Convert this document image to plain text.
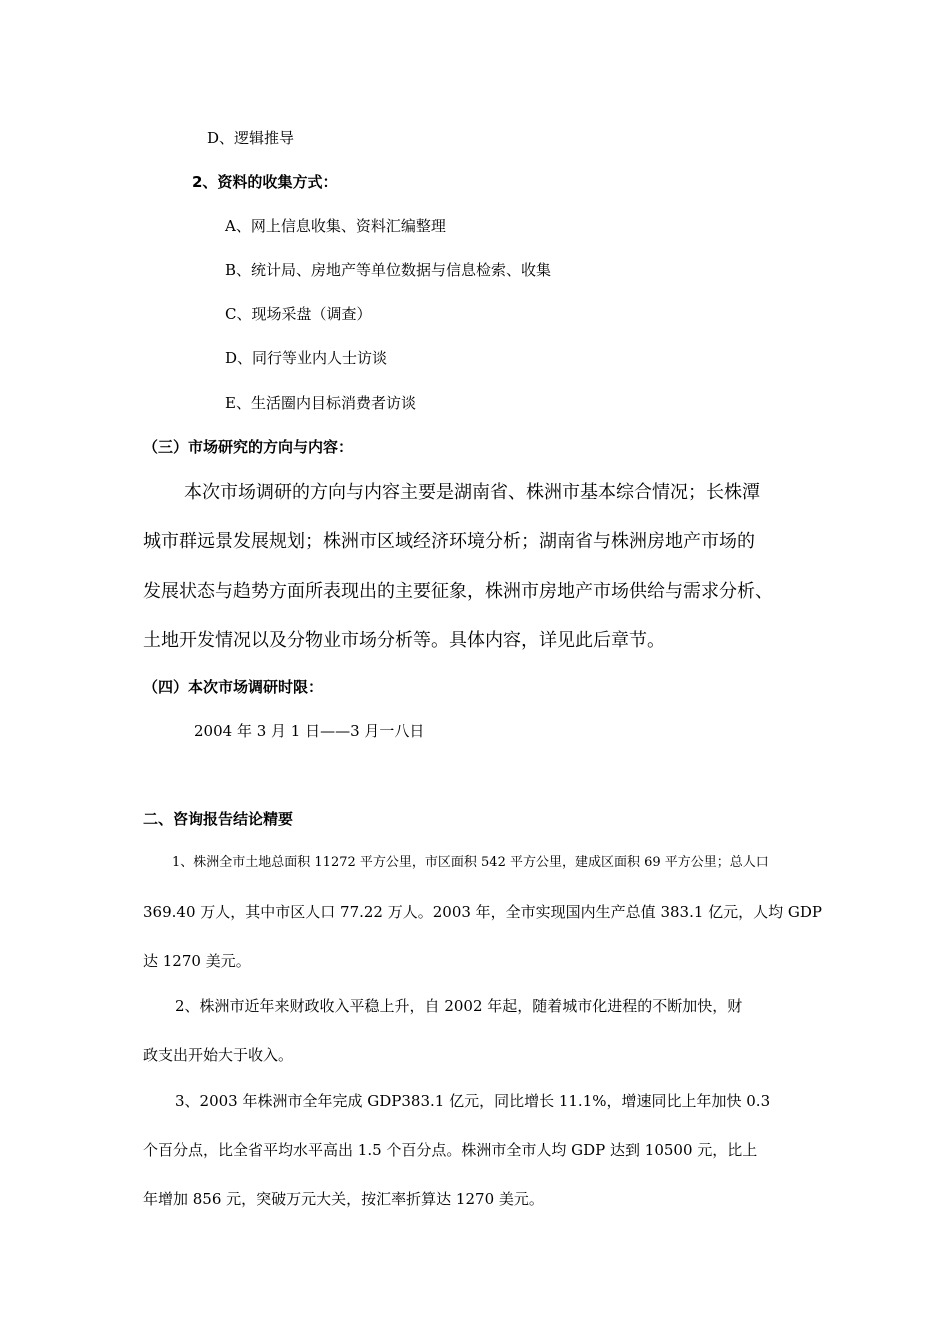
D、逻辑推导
2、资料的收集方式：
A、网上信息收集、资料汇编整理
B、统计局、房地产等单位数据与信息检索、收集
C、现场采盘（调查）
D、同行等业内人士访谈
E、生活圈内目标消费者访谈
（三）市场研究的方向与内容：
本次市场调研的方向与内容主要是湖南省、株洲市基本综合情况；长株潭
城市群远景发展规划；株洲市区域经济环境分析；湖南省与株洲房地产市场的
发展状态与趋势方面所表现出的主要征象，株洲市房地产市场供给与需求分析、
土地开发情况以及分物业市场分析等。具体内容，详见此后章节。
（四）本次市场调研时限：
2004 年 3 月 1 日——3 月一八日
二、咨询报告结论精要
1、株洲全市土地总面积 11272 平方公里，市区面积 542 平方公里，建成区面积 69 平方公里；总人口
369.40 万人，其中市区人口 77.22 万人。2003 年，全市实现国内生产总值 383.1 亿元，人均 GDP
达 1270 美元。
2、株洲市近年来财政收入平稳上升，自 2002 年起，随着城市化进程的不断加快，财
政支出开始大于收入。
3、2003 年株洲市全年完成 GDP383.1 亿元，同比增长 11.1%，增速同比上年加快 0.3
个百分点，比全省平均水平高出 1.5 个百分点。株洲市全市人均 GDP 达到 10500 元，比上
年增加 856 元，突破万元大关，按汇率折算达 1270 美元。
